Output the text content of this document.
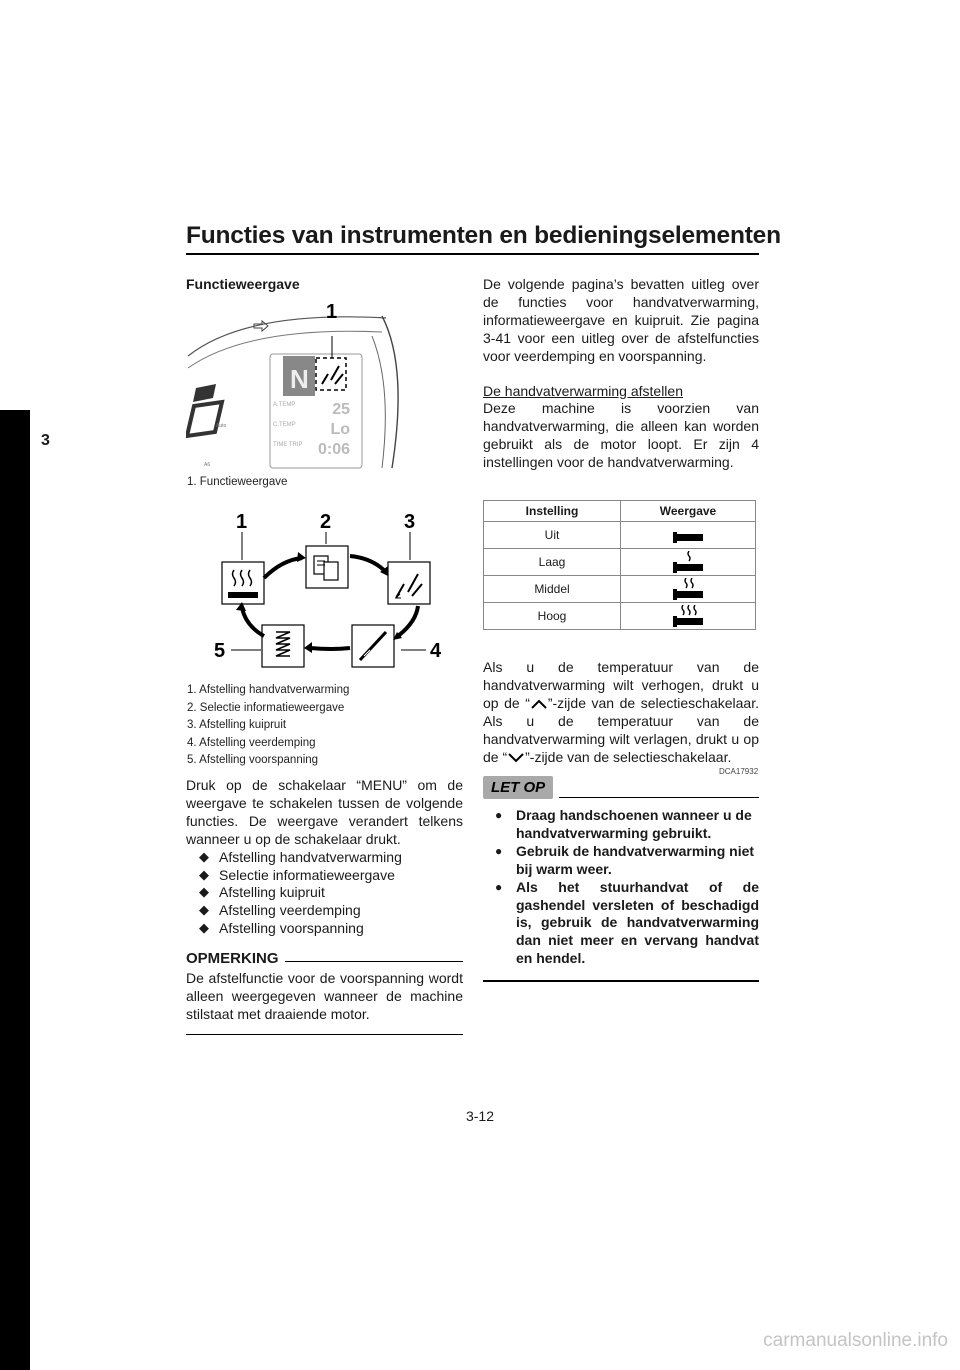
Functies van instrumenten en bedieningselementen
3
Functieweergave
N
A.TEMP
C.TEMP
TIME TRIP
25
Lo
0:06
Auto
A6
1
1. Functieweergave
1	2	3
4
5
1. Afstelling handvatverwarming
2. Selectie informatieweergave
3. Afstelling kuipruit
4. Afstelling veerdemping
5. Afstelling voorspanning

Druk op de schakelaar “MENU” om de weergave te schakelen tussen de volgende functies. De weergave verandert telkens wanneer u op de schakelaar drukt.

◆ Afstelling handvatverwarming
◆ Selectie informatieweergave
◆ Afstelling kuipruit
◆ Afstelling veerdemping
◆ Afstelling voorspanning
OPMERKING
De afstelfunctie voor de voorspanning wordt alleen weergegeven wanneer de machine stilstaat met draaiende motor.

De volgende pagina’s bevatten uitleg over de functies voor handvatverwarming, informatieweergave en kuipruit. Zie pagina 3-41 voor een uitleg over de afstelfuncties voor veerdemping en voorspanning.

De handvatverwarming afstellen

Deze machine is voorzien van handvatverwarming, die alleen kan worden gebruikt als de motor loopt. Er zijn 4 instellingen voor de handvatverwarming.

Instelling	Weergave
Uit	

Laag	

Middel	

Hoog	
Als u de temperatuur van de handvatverwarming wilt verhogen, drukt u op de “ ”-zijde van de selectieschakelaar. Als u de temperatuur van de handvatverwarming wilt verlagen, drukt u op de “ ”-zijde van de selectieschakelaar.
DCA17932
LET OP
● Draag handschoenen wanneer u de handvatverwarming gebruikt.
● Gebruik de handvatverwarming niet bij warm weer.
● Als het stuurhandvat of de gashendel versleten of beschadigd is, gebruik de handvatverwarming dan niet meer en vervang handvat en hendel.
3-12
carmanualsonline.info
